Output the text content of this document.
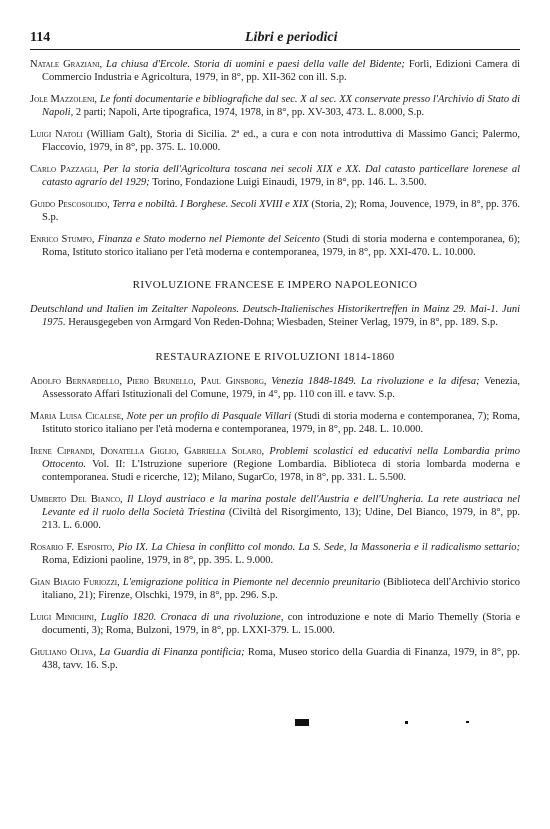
114	Libri e periodici
Natale Graziani, La chiusa d'Ercole. Storia di uomini e paesi della valle del Bidente; Forlì, Edizioni Camera di Commercio Industria e Agricoltura, 1979, in 8°, pp. XII-362 con ill. S.p.
Jole Mazzoleni, Le fonti documentarie e bibliografiche dal sec. X al sec. XX conservate presso l'Archivio di Stato di Napoli, 2 parti; Napoli, Arte tipografica, 1974, 1978, in 8°, pp. XV-303, 473. L. 8.000, S.p.
Luigi Natoli (William Galt), Storia di Sicilia. 2ª ed., a cura e con nota introduttiva di Massimo Ganci; Palermo, Flaccovio, 1979, in 8°, pp. 375. L. 10.000.
Carlo Pazzagli, Per la storia dell'Agricoltura toscana nei secoli XIX e XX. Dal catasto particellare lorenese al catasto agrario del 1929; Torino, Fondazione Luigi Einaudi, 1979, in 8°, pp. 146. L. 3.500.
Guido Pescosolido, Terra e nobiltà. I Borghese. Secoli XVIII e XIX (Storia, 2); Roma, Jouvence, 1979, in 8°, pp. 376. S.p.
Enrico Stumpo, Finanza e Stato moderno nel Piemonte del Seicento (Studi di storia moderna e contemporanea, 6); Roma, Istituto storico italiano per l'età moderna e contemporanea, 1979, in 8°, pp. XXI-470. L. 10.000.
RIVOLUZIONE FRANCESE E IMPERO NAPOLEONICO
Deutschland und Italien im Zeitalter Napoleons. Deutsch-Italienisches Historikertreffen in Mainz 29. Mai-1. Juni 1975. Herausgegeben von Armgard Von Reden-Dohna; Wiesbaden, Steiner Verlag, 1979, in 8°, pp. 189. S.p.
RESTAURAZIONE E RIVOLUZIONI 1814-1860
Adolfo Bernardello, Piero Brunello, Paul Ginsborg, Venezia 1848-1849. La rivoluzione e la difesa; Venezia, Assessorato Affari Istituzionali del Comune, 1979, in 4°, pp. 110 con ill. e tavv. S.p.
Maria Luisa Cicalese, Note per un profilo di Pasquale Villari (Studi di storia moderna e contemporanea, 7); Roma, Istituto storico italiano per l'età moderna e contemporanea, 1979, in 8°, pp. 248. L. 10.000.
Irene Ciprandi, Donatella Giglio, Gabriella Solaro, Problemi scolastici ed educativi nella Lombardia primo Ottocento. Vol. II: L'Istruzione superiore (Regione Lombardia. Biblioteca di storia lombarda moderna e contemporanea. Studi e ricerche, 12); Milano, SugarCo, 1978, in 8°, pp. 331. L. 5.500.
Umberto Del Bianco, Il Lloyd austriaco e la marina postale dell'Austria e dell'Ungheria. La rete austriaca nel Levante ed il ruolo della Società Triestina (Civiltà del Risorgimento, 13); Udine, Del Bianco, 1979, in 8°, pp. 213. L. 6.000.
Rosario F. Esposito, Pio IX. La Chiesa in conflitto col mondo. La S. Sede, la Massoneria e il radicalismo settario; Roma, Edizioni paoline, 1979, in 8°, pp. 395. L. 9.000.
Gian Biagio Furiozzi, L'emigrazione politica in Piemonte nel decennio preunitario (Biblioteca dell'Archivio storico italiano, 21); Firenze, Olschki, 1979, in 8°, pp. 296. S.p.
Luigi Minichini, Luglio 1820. Cronaca di una rivoluzione, con introduzione e note di Mario Themelly (Storia e documenti, 3); Roma, Bulzoni, 1979, in 8°, pp. LXXI-379. L. 15.000.
Giuliano Oliva, La Guardia di Finanza pontificia; Roma, Museo storico della Guardia di Finanza, 1979, in 8°, pp. 438, tavv. 16. S.p.
